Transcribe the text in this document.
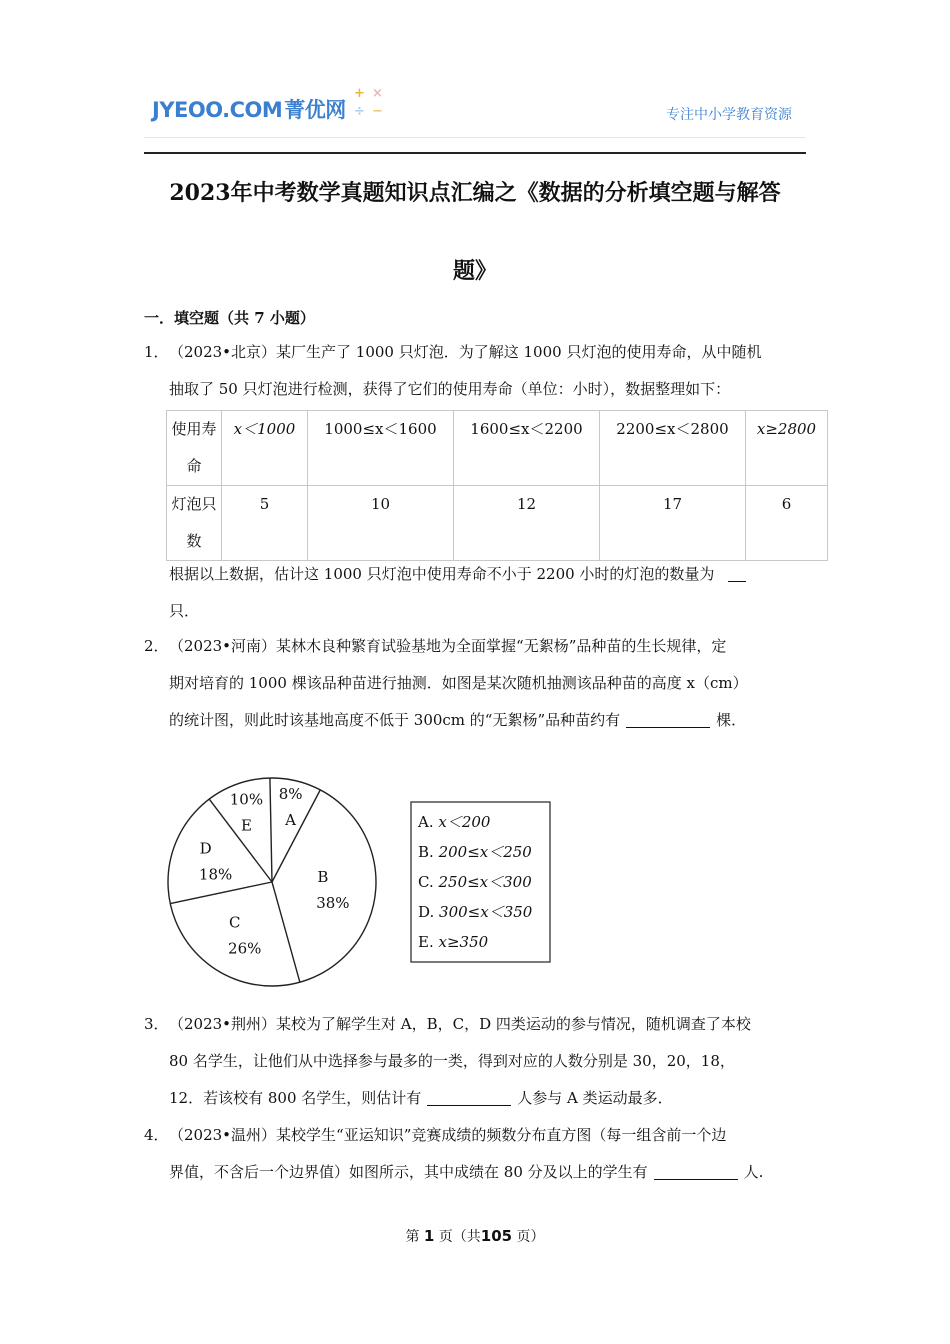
JYEOO.COM菁优网
+ ×
÷ −	专注中小学教育资源
2023年中考数学真题知识点汇编之《数据的分析填空题与解答
题》
一．填空题（共 7 小题）
1． （2023•北京）某厂生产了 1000 只灯泡．为了解这 1000 只灯泡的使用寿命，从中随机
抽取了 50 只灯泡进行检测，获得了它们的使用寿命（单位：小时），数据整理如下：
使用寿
命	x＜1000	1000≤x＜1600	1600≤x＜2200	2200≤x＜2800	x≥2800

灯泡只
数	5	10	12	17	6
根据以上数据，估计这 1000 只灯泡中使用寿命不小于 2200 小时的灯泡的数量为
只．
2． （2023•河南）某林木良种繁育试验基地为全面掌握“无絮杨”品种苗的生长规律，定
期对培育的 1000 棵该品种苗进行抽测．如图是某次随机抽测该品种苗的高度 x（cm）
的统计图，则此时该基地高度不低于 300cm 的“无絮杨”品种苗约有	棵．
A
8%
B
38%
C
26%
D
18%
E
10%
A. x＜200
B. 200≤x＜250
C. 250≤x＜300
D. 300≤x＜350
E. x≥350
3． （2023•荆州）某校为了解学生对 A，B，C，D 四类运动的参与情况，随机调查了本校
80 名学生，让他们从中选择参与最多的一类，得到对应的人数分别是 30，20，18，
12．若该校有 800 名学生，则估计有	人参与 A 类运动最多．
4． （2023•温州）某校学生“亚运知识”竞赛成绩的频数分布直方图（每一组含前一个边
界值，不含后一个边界值）如图所示，其中成绩在 80 分及以上的学生有	人.
第 1 页（共105 页）
